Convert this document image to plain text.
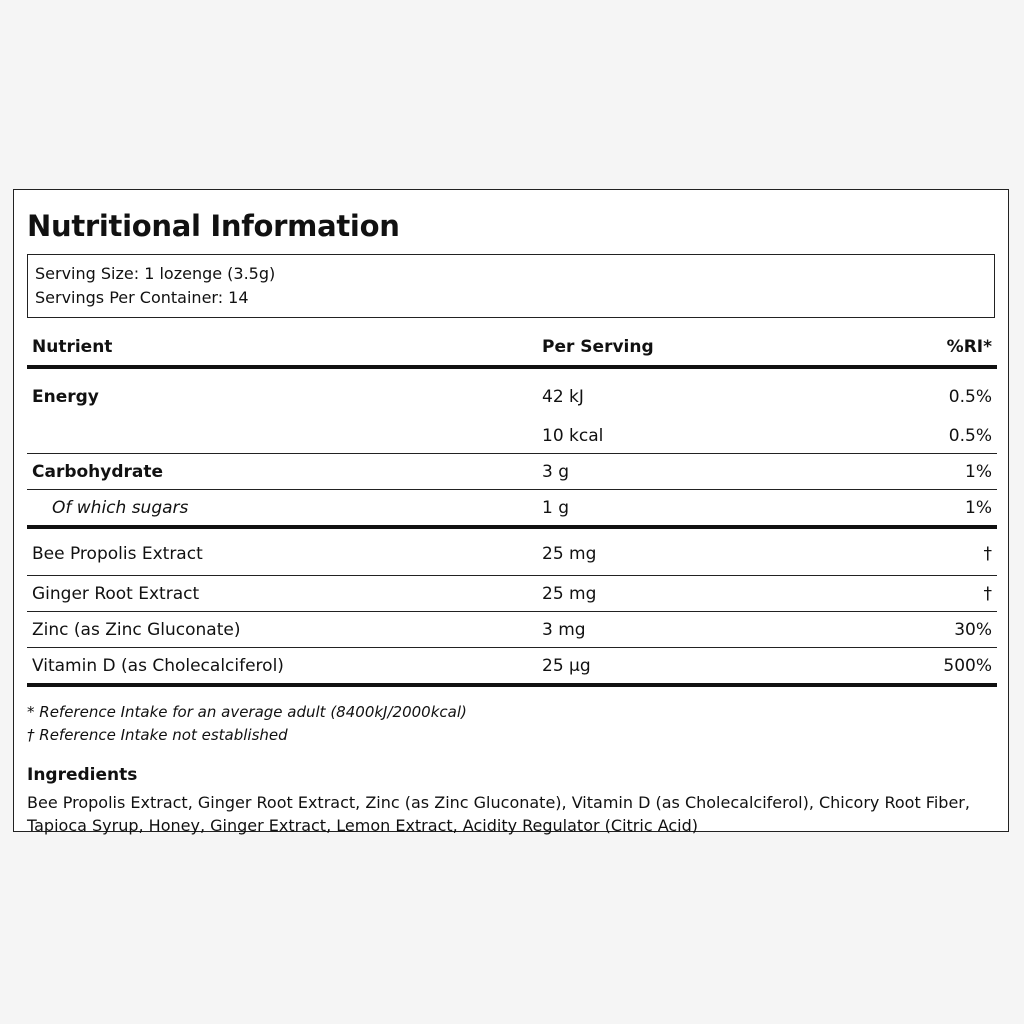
Nutritional Information
Serving Size: 1 lozenge (3.5g)
Servings Per Container: 14
Nutrient	Per Serving	%RI*
Energy	42 kJ	0.5%
	10 kcal	0.5%
Carbohydrate	3 g	1%
Of which sugars	1 g	1%
Bee Propolis Extract	25 mg	†
Ginger Root Extract	25 mg	†
Zinc (as Zinc Gluconate)	3 mg	30%
Vitamin D (as Cholecalciferol)	25 µg	500%
* Reference Intake for an average adult (8400kJ/2000kcal)
† Reference Intake not established
Ingredients
Bee Propolis Extract, Ginger Root Extract, Zinc (as Zinc Gluconate), Vitamin D (as Cholecalciferol), Chicory Root Fiber, Tapioca Syrup, Honey, Ginger Extract, Lemon Extract, Acidity Regulator (Citric Acid)
